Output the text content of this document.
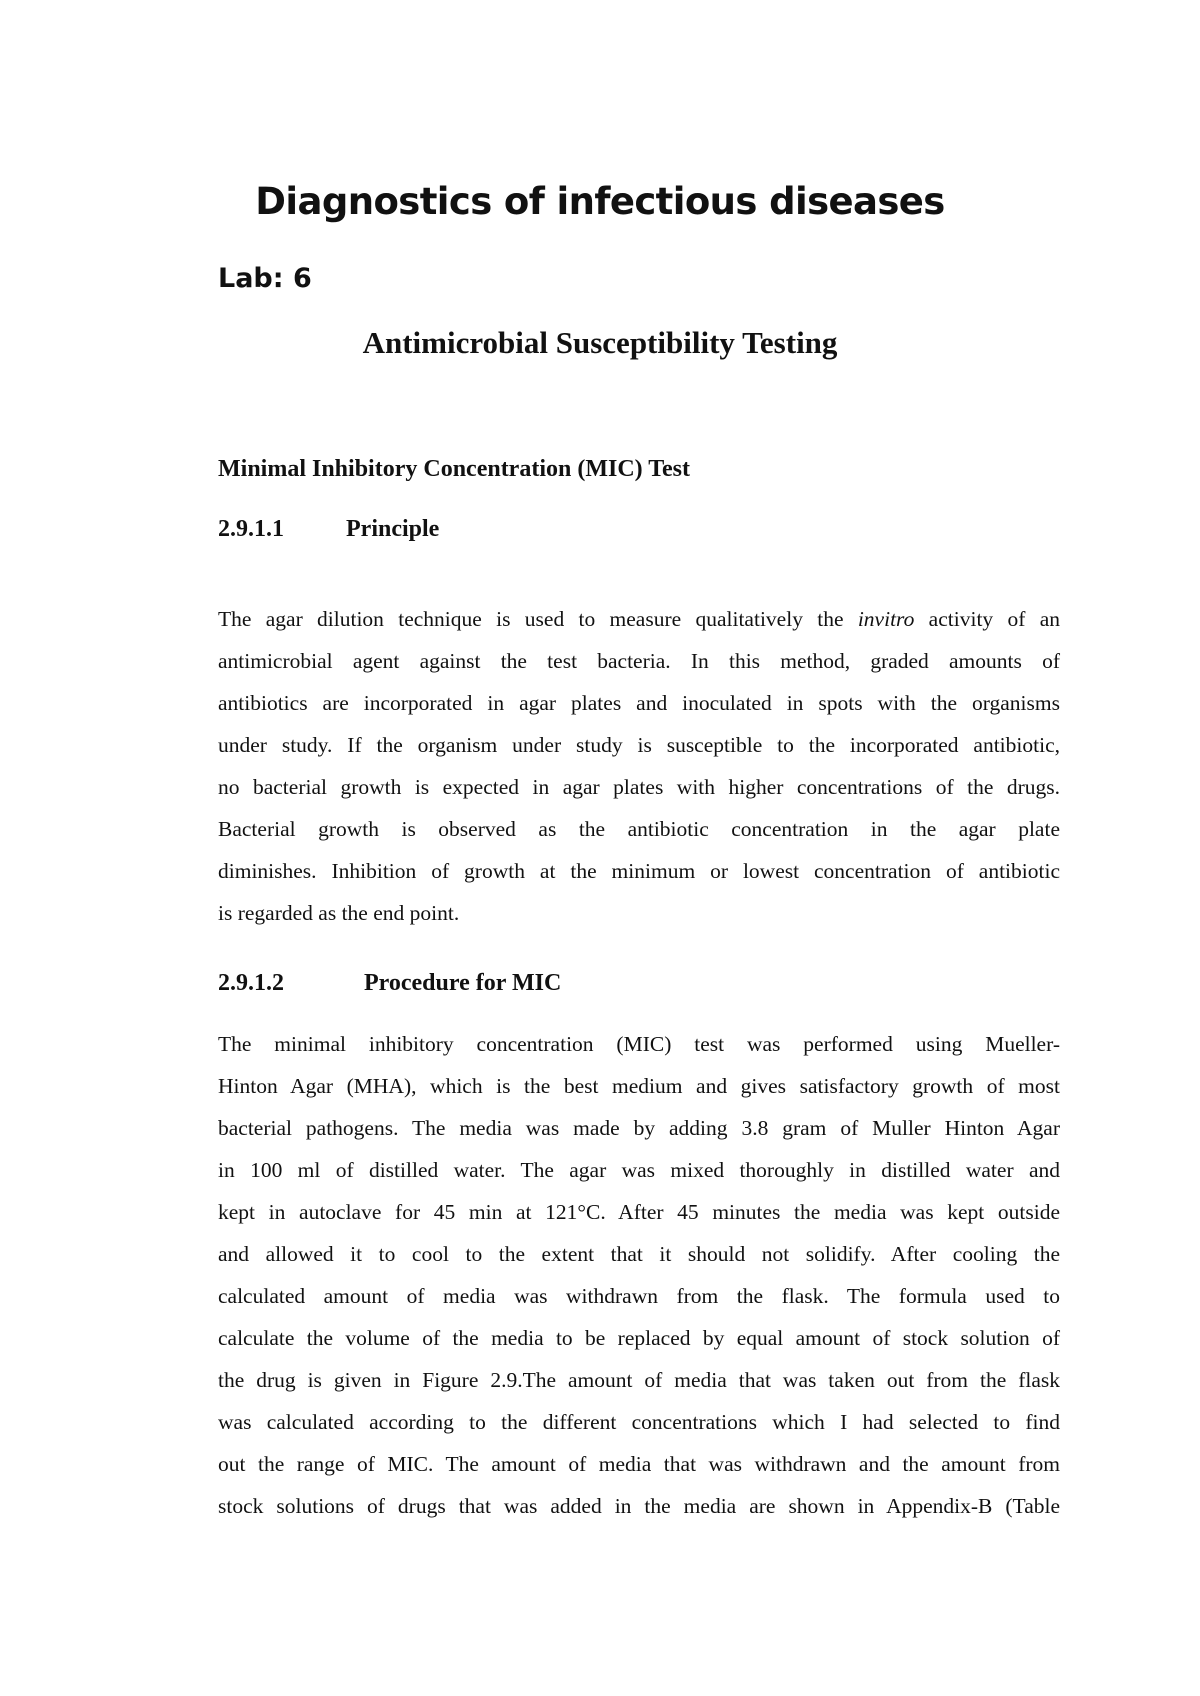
Diagnostics of infectious diseases
Lab: 6
Antimicrobial Susceptibility Testing
Minimal Inhibitory Concentration (MIC) Test
2.9.1.1	Principle
The agar dilution technique is used to measure qualitatively the invitro activity of an
antimicrobial agent against the test bacteria. In this method, graded amounts of
antibiotics are incorporated in agar plates and inoculated in spots with the organisms
under study. If the organism under study is susceptible to the incorporated antibiotic,
no bacterial growth is expected in agar plates with higher concentrations of the drugs.
Bacterial growth is observed as the antibiotic concentration in the agar plate
diminishes. Inhibition of growth at the minimum or lowest concentration of antibiotic
is regarded as the end point.
2.9.1.2	Procedure for MIC
The minimal inhibitory concentration (MIC) test was performed using Mueller-
Hinton Agar (MHA), which is the best medium and gives satisfactory growth of most
bacterial pathogens. The media was made by adding 3.8 gram of Muller Hinton Agar
in 100 ml of distilled water. The agar was mixed thoroughly in distilled water and
kept in autoclave for 45 min at 121°C. After 45 minutes the media was kept outside
and allowed it to cool to the extent that it should not solidify. After cooling the
calculated amount of media was withdrawn from the flask. The formula used to
calculate the volume of the media to be replaced by equal amount of stock solution of
the drug is given in Figure 2.9.The amount of media that was taken out from the flask
was calculated according to the different concentrations which I had selected to find
out the range of MIC. The amount of media that was withdrawn and the amount from
stock solutions of drugs that was added in the media are shown in Appendix-B (Table
